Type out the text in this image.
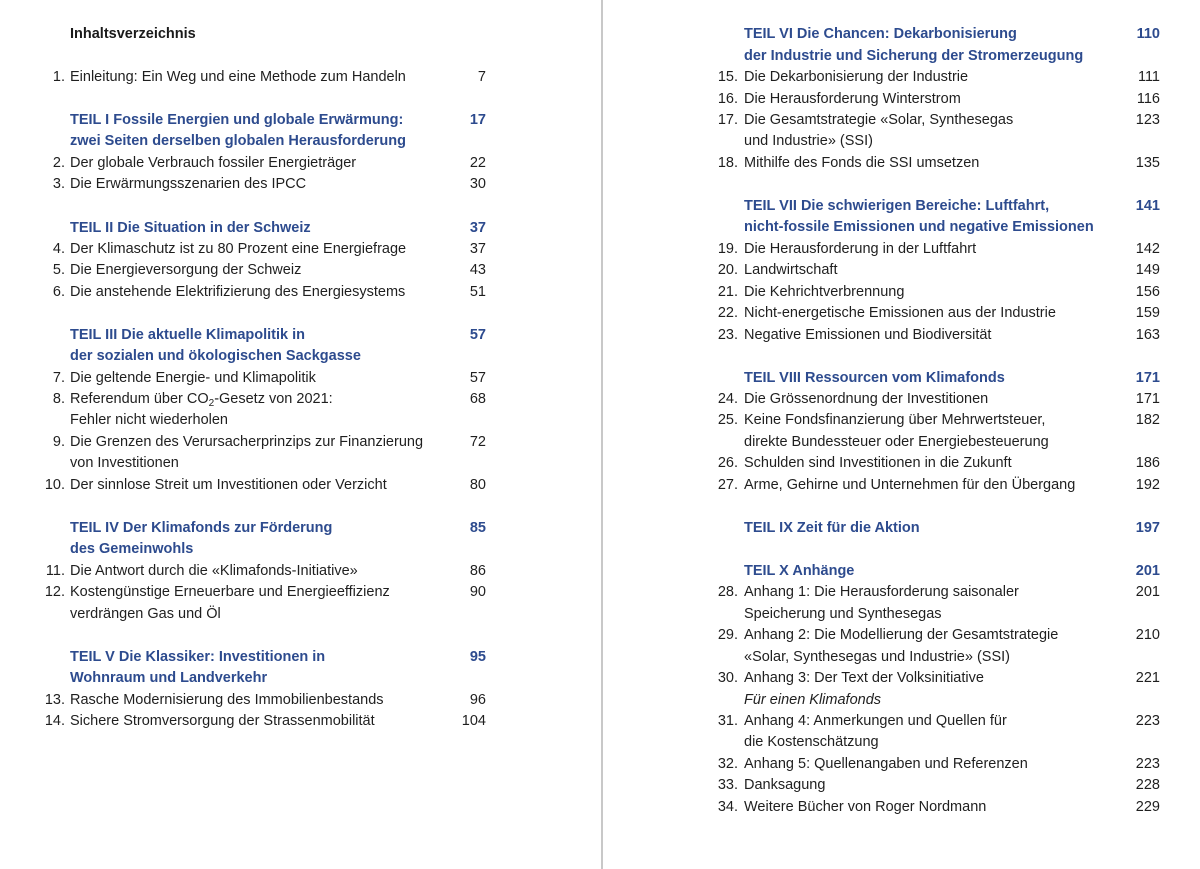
Inhaltsverzeichnis
1. Einleitung: Ein Weg und eine Methode zum Handeln	7
TEIL I Fossile Energien und globale Erwärmung:	17
zwei Seiten derselben globalen Herausforderung
2. Der globale Verbrauch fossiler Energieträger	22
3. Die Erwärmungsszenarien des IPCC	30
TEIL II Die Situation in der Schweiz	37
4. Der Klimaschutz ist zu 80 Prozent eine Energiefrage	37
5. Die Energieversorgung der Schweiz	43
6. Die anstehende Elektrifizierung des Energiesystems	51
TEIL III Die aktuelle Klimapolitik in	57
der sozialen und ökologischen Sackgasse
7. Die geltende Energie- und Klimapolitik	57
8. Referendum über $CO_2$-Gesetz von 2021:	68
Fehler nicht wiederholen
9. Die Grenzen des Verursacherprinzips zur Finanzierung	72
von Investitionen
10. Der sinnlose Streit um Investitionen oder Verzicht	80
TEIL IV Der Klimafonds zur Förderung	85
des Gemeinwohls
11. Die Antwort durch die «Klimafonds-Initiative»	86
12. Kostengünstige Erneuerbare und Energieeffizienz	90
verdrängen Gas und Öl
TEIL V Die Klassiker: Investitionen in	95
Wohnraum und Landverkehr
13. Rasche Modernisierung des Immobilienbestands	96
14. Sichere Stromversorgung der Strassenmobilität	104
TEIL VI Die Chancen: Dekarbonisierung	110
der Industrie und Sicherung der Stromerzeugung
15. Die Dekarbonisierung der Industrie	111
16. Die Herausforderung Winterstrom	116
17. Die Gesamtstrategie «Solar, Synthesegas	123
und Industrie» (SSI)
18. Mithilfe des Fonds die SSI umsetzen	135
TEIL VII Die schwierigen Bereiche: Luftfahrt,	141
nicht-fossile Emissionen und negative Emissionen
19. Die Herausforderung in der Luftfahrt	142
20. Landwirtschaft	149
21. Die Kehrichtverbrennung	156
22. Nicht-energetische Emissionen aus der Industrie	159
23. Negative Emissionen und Biodiversität	163
TEIL VIII Ressourcen vom Klimafonds	171
24. Die Grössenordnung der Investitionen	171
25. Keine Fondsfinanzierung über Mehrwertsteuer,	182
direkte Bundessteuer oder Energiebesteuerung
26. Schulden sind Investitionen in die Zukunft	186
27. Arme, Gehirne und Unternehmen für den Übergang	192
TEIL IX Zeit für die Aktion	197
TEIL X Anhänge	201
28. Anhang 1: Die Herausforderung saisonaler	201
Speicherung und Synthesegas
29. Anhang 2: Die Modellierung der Gesamtstrategie	210
«Solar, Synthesegas und Industrie» (SSI)
30. Anhang 3: Der Text der Volksinitiative	221
Für einen Klimafonds
31. Anhang 4: Anmerkungen und Quellen für	223
die Kostenschätzung
32. Anhang 5: Quellenangaben und Referenzen	223
33. Danksagung	228
34. Weitere Bücher von Roger Nordmann	229
